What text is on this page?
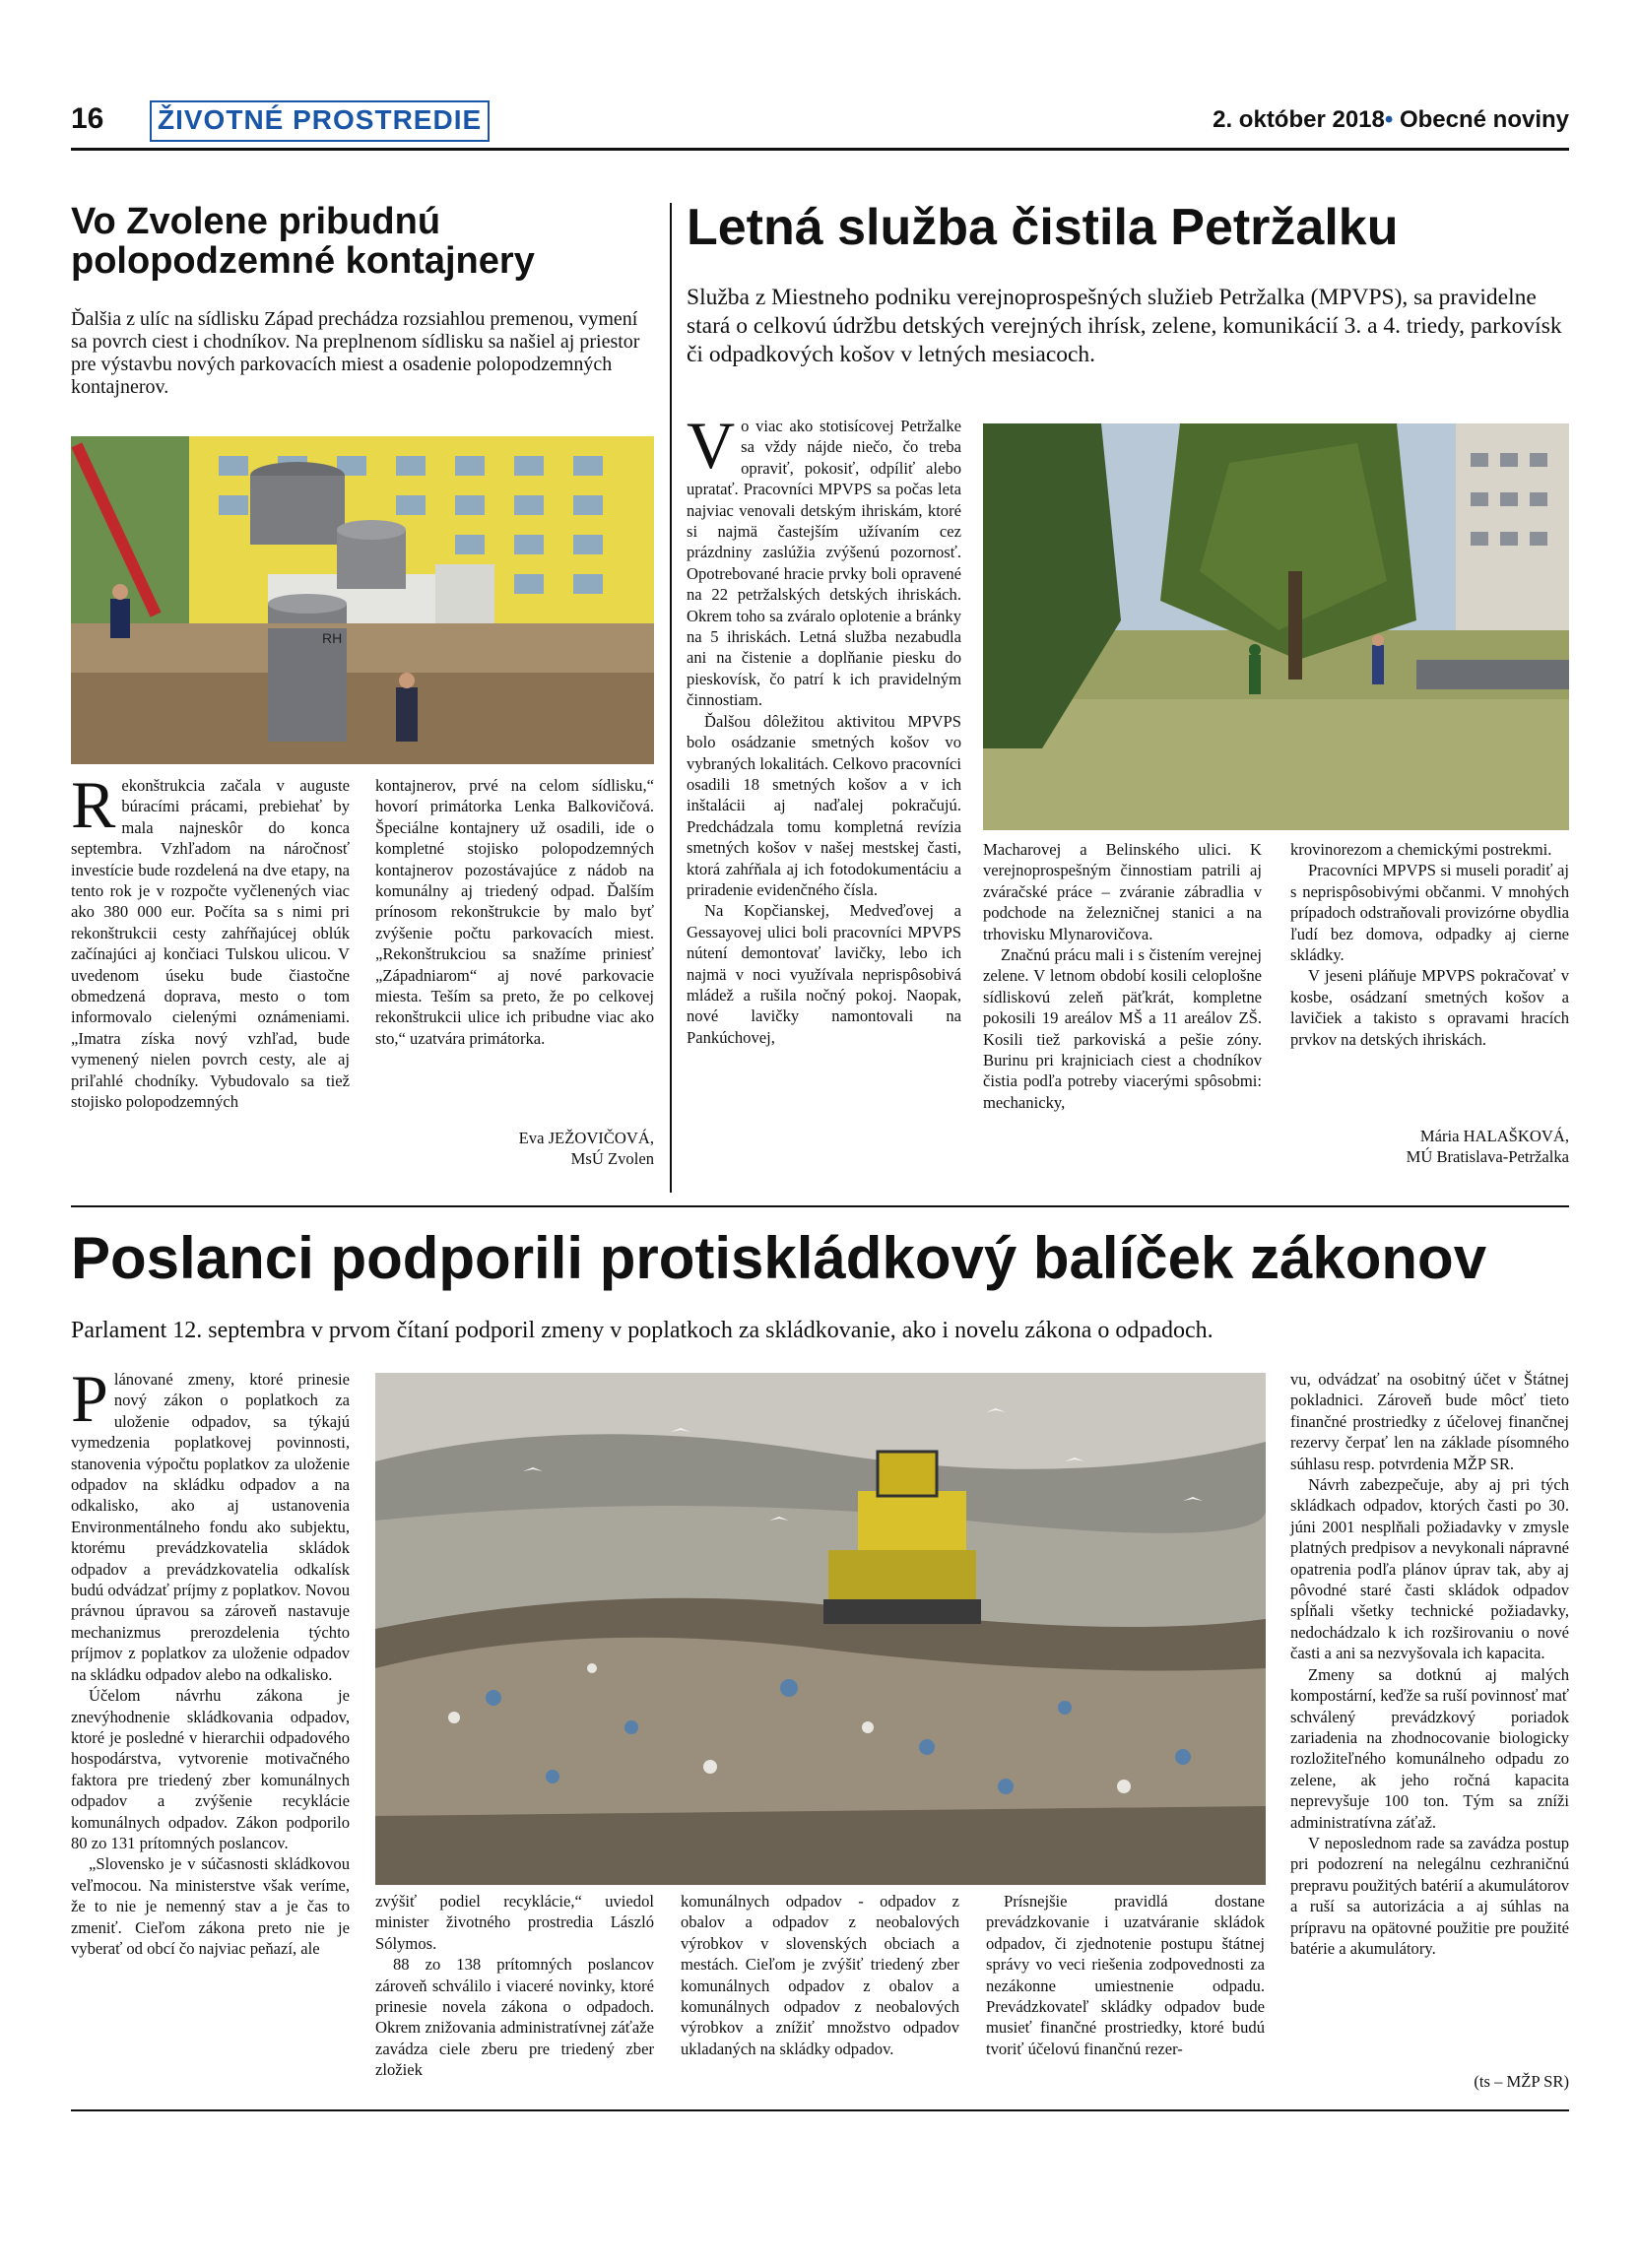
16 ŽIVOTNÉ PROSTREDIE	2. október 2018• Obecné noviny
Vo Zvolene pribudnú polopodzemné kontajnery
Ďalšia z ulíc na sídlisku Západ prechádza rozsiahlou premenou, vymení sa povrch ciest i chodníkov. Na preplnenom sídlisku sa našiel aj priestor pre výstavbu nových parkovacích miest a osadenie polopodzemných kontajnerov.
RH

Rekonštrukcia začala v auguste búracími prácami, prebiehať by mala najneskôr do konca septembra. Vzhľadom na náročnosť investície bude rozdelená na dve etapy, na tento rok je v rozpočte vyčlenených viac ako 380 000 eur. Počíta sa s nimi pri rekonštrukcii cesty zahŕňajúcej oblúk začínajúci aj končiaci Tulskou ulicou. V uvedenom úseku bude čiastočne obmedzená doprava, mesto o tom informovalo cielenými oznámeniami. „Imatra získa nový vzhľad, bude vymenený nielen povrch cesty, ale aj priľahlé chodníky. Vybudovalo sa tiež stojisko polopodzemných

kontajnerov, prvé na celom sídlisku,“ hovorí primátorka Lenka Balkovičová. Špeciálne kontajnery už osadili, ide o kompletné stojisko polopodzemných kontajnerov pozostávajúce z nádob na komunálny aj triedený odpad. Ďalším prínosom rekonštrukcie by malo byť zvýšenie počtu parkovacích miest. „Rekonštrukciou sa snažíme priniesť „Západniarom“ aj nové parkovacie miesta. Teším sa preto, že po celkovej rekonštrukcii ulice ich pribudne viac ako sto,“ uzatvára primátorka.

Eva JEŽOVIČOVÁ,
MsÚ Zvolen
Letná služba čistila Petržalku
Služba z Miestneho podniku verejnoprospešných služieb Petržalka (MPVPS), sa pravidelne stará o celkovú údržbu detských verejných ihrísk, zelene, komunikácií 3. a 4. triedy, parkovísk či odpadkových košov v letných mesiacoch.

Vo viac ako stotisícovej Petržalke sa vždy nájde niečo, čo treba opraviť, pokosiť, odpíliť alebo upratať. Pracovníci MPVPS sa počas leta najviac venovali detským ihriskám, ktoré si najmä častejším užívaním cez prázdniny zaslúžia zvýšenú pozornosť. Opotrebované hracie prvky boli opravené na 22 petržalských detských ihriskách. Okrem toho sa zváralo oplotenie a bránky na 5 ihriskách. Letná služba nezabudla ani na čistenie a doplňanie piesku do pieskovísk, čo patrí k ich pravidelným činnostiam.

Ďalšou dôležitou aktivitou MPVPS bolo osádzanie smetných košov vo vybraných lokalitách. Celkovo pracovníci osadili 18 smetných košov a v ich inštalácii aj naďalej pokračujú. Predchádzala tomu kompletná revízia smetných košov v našej mestskej časti, ktorá zahŕňala aj ich fotodokumentáciu a priradenie evidenčného čísla.

Na Kopčianskej, Medveďovej a Gessayovej ulici boli pracovníci MPVPS nútení demontovať lavičky, lebo ich najmä v noci využívala neprispôsobivá mládež a rušila nočný pokoj. Naopak, nové lavičky namontovali na Pankúchovej,

Macharovej a Belinského ulici. K verejnoprospešným činnostiam patrili aj zváračské práce – zváranie zábradlia v podchode na železničnej stanici a na trhovisku Mlynarovičova.

Značnú prácu mali i s čistením verejnej zelene. V letnom období kosili celoplošne sídliskovú zeleň päťkrát, kompletne pokosili 19 areálov MŠ a 11 areálov ZŠ. Kosili tiež parkoviská a pešie zóny. Burinu pri krajniciach ciest a chodníkov čistia podľa potreby viacerými spôsobmi: mechanicky,

krovinorezom a chemickými postrekmi.

Pracovníci MPVPS si museli poradiť aj s neprispôsobivými občanmi. V mnohých prípadoch odstraňovali provizórne obydlia ľudí bez domova, odpadky aj cierne skládky.

V jeseni pláňuje MPVPS pokračovať v kosbe, osádzaní smetných košov a lavičiek a takisto s opravami hracích prvkov na detských ihriskách.

Mária HALAŠKOVÁ,
MÚ Bratislava-Petržalka
Poslanci podporili protiskládkový balíček zákonov
Parlament 12. septembra v prvom čítaní podporil zmeny v poplatkoch za skládkovanie, ako i novelu zákona o odpadoch.

Plánované zmeny, ktoré prinesie nový zákon o poplatkoch za uloženie odpadov, sa týkajú vymedzenia poplatkovej povinnosti, stanovenia výpočtu poplatkov za uloženie odpadov na skládku odpadov a na odkalisko, ako aj ustanovenia Environmentálneho fondu ako subjektu, ktorému prevádzkovatelia skládok odpadov a prevádzkovatelia odkalísk budú odvádzať príjmy z poplatkov. Novou právnou úpravou sa zároveň nastavuje mechanizmus prerozdelenia týchto príjmov z poplatkov za uloženie odpadov na skládku odpadov alebo na odkalisko.

Účelom návrhu zákona je znevýhodnenie skládkovania odpadov, ktoré je posledné v hierarchii odpadového hospodárstva, vytvorenie motivačného faktora pre triedený zber komunálnych odpadov a zvýšenie recyklácie komunálnych odpadov. Zákon podporilo 80 zo 131 prítomných poslancov.

„Slovensko je v súčasnosti skládkovou veľmocou. Na ministerstve však veríme, že to nie je nemenný stav a je čas to zmeniť. Cieľom zákona preto nie je vyberať od obcí čo najviac peňazí, ale

zvýšiť podiel recyklácie,“ uviedol minister životného prostredia László Sólymos.

88 zo 138 prítomných poslancov zároveň schválilo i viaceré novinky, ktoré prinesie novela zákona o odpadoch. Okrem znižovania administratívnej záťaže zavádza ciele zberu pre triedený zber zložiek

komunálnych odpadov - odpadov z obalov a odpadov z neobalových výrobkov v slovenských obciach a mestách. Cieľom je zvýšiť triedený zber komunálnych odpadov z obalov a komunálnych odpadov z neobalových výrobkov a znížiť množstvo odpadov ukladaných na skládky odpadov.

Prísnejšie pravidlá dostane prevádzkovanie i uzatváranie skládok odpadov, či zjednotenie postupu štátnej správy vo veci riešenia zodpovednosti za nezákonne umiestnenie odpadu. Prevádzkovateľ skládky odpadov bude musieť finančné prostriedky, ktoré budú tvoriť účelovú finančnú rezer-

vu, odvádzať na osobitný účet v Štátnej pokladnici. Zároveň bude môcť tieto finančné prostriedky z účelovej finančnej rezervy čerpať len na základe písomného súhlasu resp. potvrdenia MŽP SR.

Návrh zabezpečuje, aby aj pri tých skládkach odpadov, ktorých časti po 30. júni 2001 nesplňali požiadavky v zmysle platných predpisov a nevykonali nápravné opatrenia podľa plánov úprav tak, aby aj pôvodné staré časti skládok odpadov spĺňali všetky technické požiadavky, nedochádzalo k ich rozširovaniu o nové časti a ani sa nezvyšovala ich kapacita.

Zmeny sa dotknú aj malých kompostární, keďže sa ruší povinnosť mať schválený prevádzkový poriadok zariadenia na zhodnocovanie biologicky rozložiteľného komunálneho odpadu zo zelene, ak jeho ročná kapacita neprevyšuje 100 ton. Tým sa zníži administratívna záťaž.

V neposlednom rade sa zavádza postup pri podozrení na nelegálnu cezhraničnú prepravu použitých batérií a akumulátorov a ruší sa autorizácia a aj súhlas na prípravu na opätovné použitie pre použité batérie a akumulátory.

(ts – MŽP SR)
